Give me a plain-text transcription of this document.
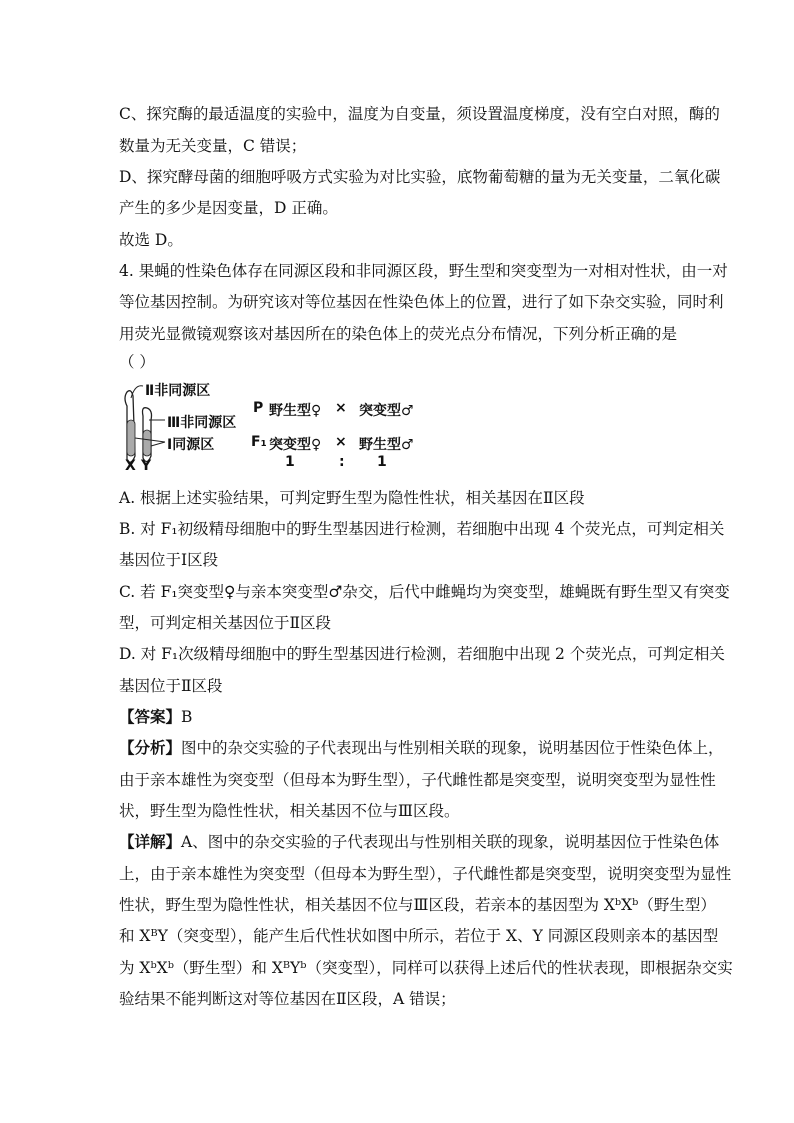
C、探究酶的最适温度的实验中，温度为自变量，须设置温度梯度，没有空白对照，酶的
数量为无关变量，C 错误；
D、探究酵母菌的细胞呼吸方式实验为对比实验，底物葡萄糖的量为无关变量，二氧化碳
产生的多少是因变量，D 正确。
故选 D。
4. 果蝇的性染色体存在同源区段和非同源区段，野生型和突变型为一对相对性状，由一对
等位基因控制。为研究该对等位基因在性染色体上的位置，进行了如下杂交实验，同时利
用荧光显微镜观察该对基因所在的染色体上的荧光点分布情况，下列分析正确的是
（ ）
Ⅱ非同源区
Ⅲ非同源区
Ⅰ同源区
X Y
P 野生型♀ × 突变型♂
F₁ 突变型♀ × 野生型♂
1	: 1
A. 根据上述实验结果，可判定野生型为隐性性状，相关基因在Ⅱ区段
B. 对 F₁初级精母细胞中的野生型基因进行检测，若细胞中出现 4 个荧光点，可判定相关
基因位于Ⅰ区段
C. 若 F₁突变型♀与亲本突变型♂杂交，后代中雌蝇均为突变型，雄蝇既有野生型又有突变
型，可判定相关基因位于Ⅱ区段
D. 对 F₁次级精母细胞中的野生型基因进行检测，若细胞中出现 2 个荧光点，可判定相关
基因位于Ⅱ区段
【答案】B
【分析】图中的杂交实验的子代表现出与性别相关联的现象，说明基因位于性染色体上，
由于亲本雄性为突变型（但母本为野生型），子代雌性都是突变型，说明突变型为显性性
状，野生型为隐性性状，相关基因不位与Ⅲ区段。
【详解】A、图中的杂交实验的子代表现出与性别相关联的现象，说明基因位于性染色体
上，由于亲本雄性为突变型（但母本为野生型），子代雌性都是突变型，说明突变型为显性
性状，野生型为隐性性状，相关基因不位与Ⅲ区段，若亲本的基因型为 XᵇXᵇ（野生型）
和 XᴮY（突变型），能产生后代性状如图中所示，若位于 X、Y 同源区段则亲本的基因型
为 XᵇXᵇ（野生型）和 XᴮYᵇ（突变型），同样可以获得上述后代的性状表现，即根据杂交实
验结果不能判断这对等位基因在Ⅱ区段，A 错误；
